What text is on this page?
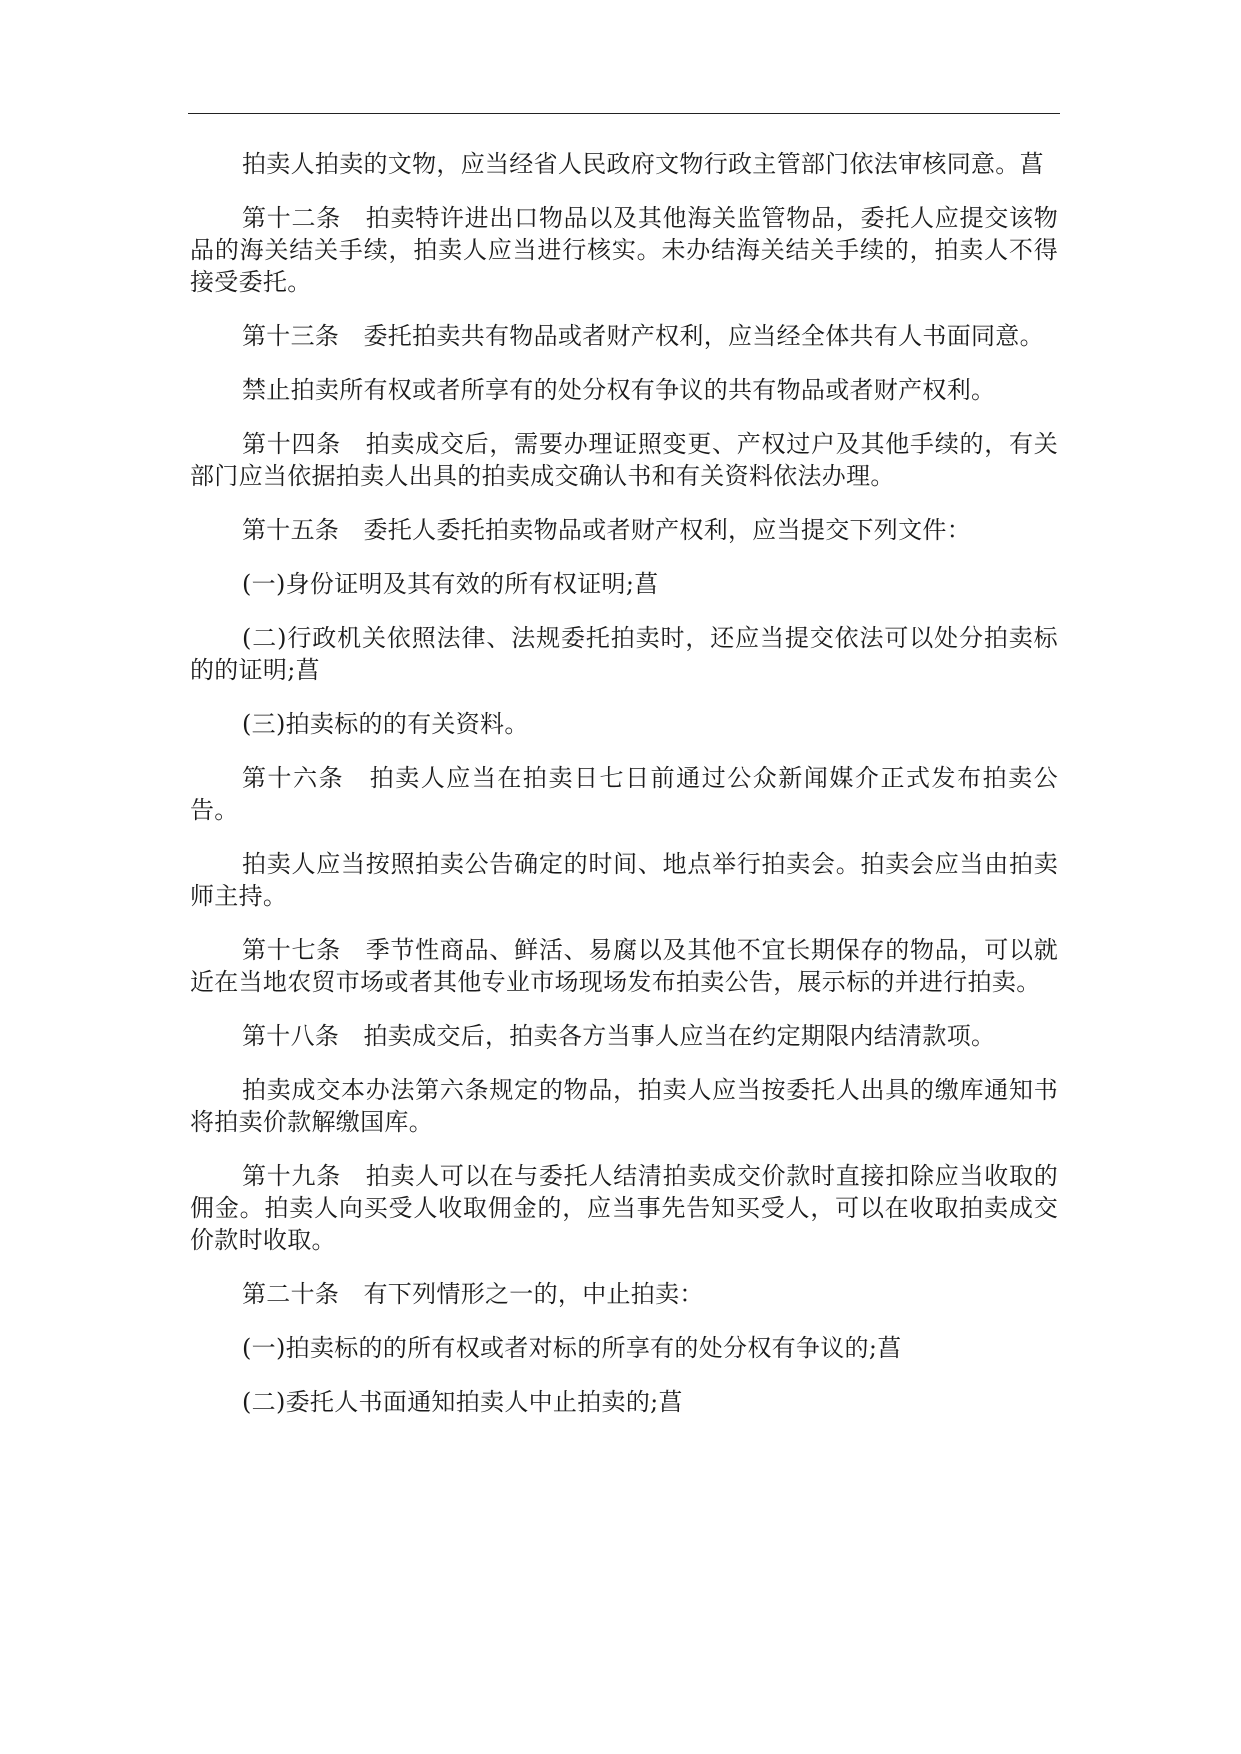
拍卖人拍卖的文物，应当经省人民政府文物行政主管部门依法审核同意。菖

第十二条　拍卖特许进出口物品以及其他海关监管物品，委托人应提交该物品的海关结关手续，拍卖人应当进行核实。未办结海关结关手续的，拍卖人不得接受委托。

第十三条　委托拍卖共有物品或者财产权利，应当经全体共有人书面同意。

禁止拍卖所有权或者所享有的处分权有争议的共有物品或者财产权利。

第十四条　拍卖成交后，需要办理证照变更、产权过户及其他手续的，有关部门应当依据拍卖人出具的拍卖成交确认书和有关资料依法办理。

第十五条　委托人委托拍卖物品或者财产权利，应当提交下列文件：

(一)身份证明及其有效的所有权证明;菖

(二)行政机关依照法律、法规委托拍卖时，还应当提交依法可以处分拍卖标的的证明;菖

(三)拍卖标的的有关资料。

第十六条　拍卖人应当在拍卖日七日前通过公众新闻媒介正式发布拍卖公告。

拍卖人应当按照拍卖公告确定的时间、地点举行拍卖会。拍卖会应当由拍卖师主持。

第十七条　季节性商品、鲜活、易腐以及其他不宜长期保存的物品，可以就近在当地农贸市场或者其他专业市场现场发布拍卖公告，展示标的并进行拍卖。

第十八条　拍卖成交后，拍卖各方当事人应当在约定期限内结清款项。

拍卖成交本办法第六条规定的物品，拍卖人应当按委托人出具的缴库通知书将拍卖价款解缴国库。

第十九条　拍卖人可以在与委托人结清拍卖成交价款时直接扣除应当收取的佣金。拍卖人向买受人收取佣金的，应当事先告知买受人，可以在收取拍卖成交价款时收取。

第二十条　有下列情形之一的，中止拍卖：

(一)拍卖标的的所有权或者对标的所享有的处分权有争议的;菖

(二)委托人书面通知拍卖人中止拍卖的;菖
